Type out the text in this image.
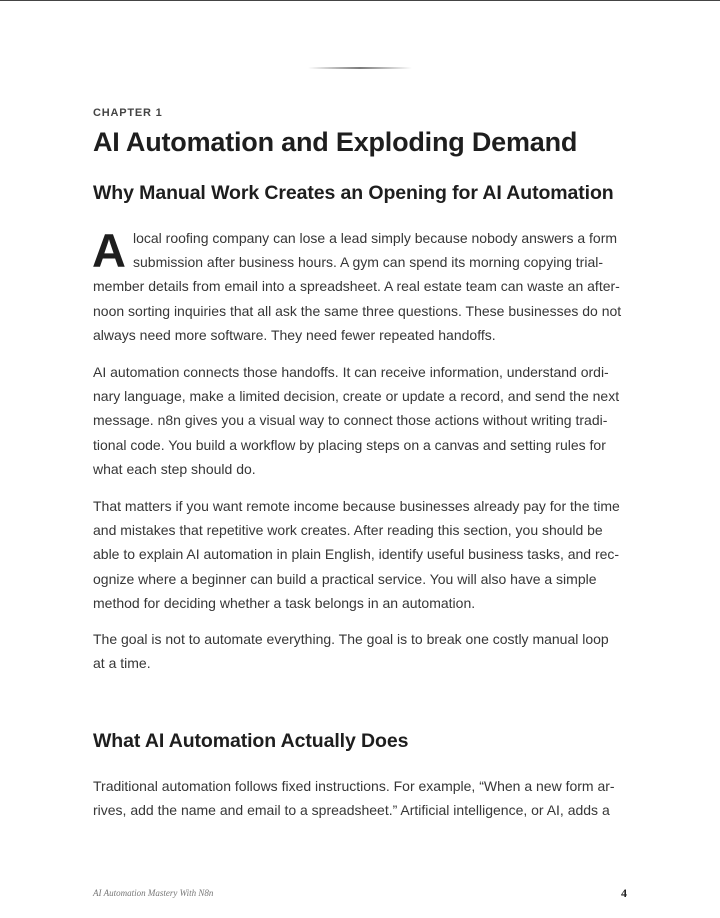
CHAPTER 1
AI Automation and Exploding Demand
Why Manual Work Creates an Opening for AI Automation
A local roofing company can lose a lead simply because nobody answers a form
submission after business hours. A gym can spend its morning copying trial-
member details from email into a spreadsheet. A real estate team can waste an after-
noon sorting inquiries that all ask the same three questions. These businesses do not
always need more software. They need fewer repeated handoffs.
AI automation connects those handoffs. It can receive information, understand ordi-
nary language, make a limited decision, create or update a record, and send the next
message. n8n gives you a visual way to connect those actions without writing tradi-
tional code. You build a workflow by placing steps on a canvas and setting rules for
what each step should do.
That matters if you want remote income because businesses already pay for the time
and mistakes that repetitive work creates. After reading this section, you should be
able to explain AI automation in plain English, identify useful business tasks, and rec-
ognize where a beginner can build a practical service. You will also have a simple
method for deciding whether a task belongs in an automation.
The goal is not to automate everything. The goal is to break one costly manual loop
at a time.
What AI Automation Actually Does
Traditional automation follows fixed instructions. For example, “When a new form ar-
rives, add the name and email to a spreadsheet.” Artificial intelligence, or AI, adds a
AI Automation Mastery With N8n	4
